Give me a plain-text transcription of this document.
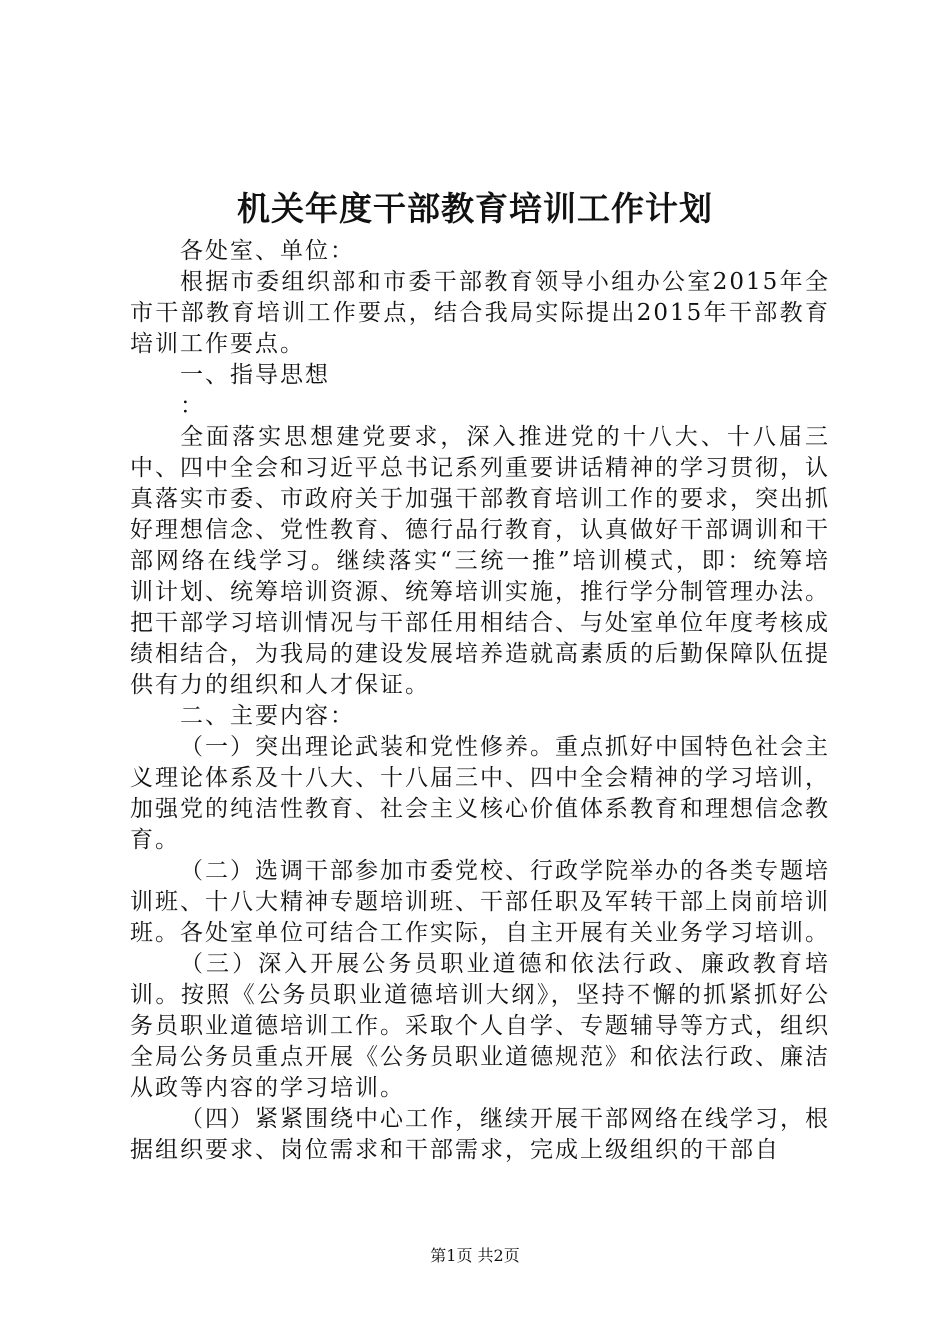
机关年度干部教育培训工作计划

各处室、单位：

根据市委组织部和市委干部教育领导小组办公室2015年全市干部教育培训工作要点，结合我局实际提出2015年干部教育培训工作要点。

一、指导思想

：

全面落实思想建党要求，深入推进党的十八大、十八届三中、四中全会和习近平总书记系列重要讲话精神的学习贯彻，认真落实市委、市政府关于加强干部教育培训工作的要求，突出抓好理想信念、党性教育、德行品行教育，认真做好干部调训和干部网络在线学习。继续落实“三统一推”培训模式，即：统筹培训计划、统筹培训资源、统筹培训实施，推行学分制管理办法。把干部学习培训情况与干部任用相结合、与处室单位年度考核成绩相结合，为我局的建设发展培养造就高素质的后勤保障队伍提供有力的组织和人才保证。

二、主要内容：

（一）突出理论武装和党性修养。重点抓好中国特色社会主义理论体系及十八大、十八届三中、四中全会精神的学习培训，加强党的纯洁性教育、社会主义核心价值体系教育和理想信念教育。

（二）选调干部参加市委党校、行政学院举办的各类专题培训班、十八大精神专题培训班、干部任职及军转干部上岗前培训班。各处室单位可结合工作实际，自主开展有关业务学习培训。

（三）深入开展公务员职业道德和依法行政、廉政教育培训。按照《公务员职业道德培训大纲》，坚持不懈的抓紧抓好公务员职业道德培训工作。采取个人自学、专题辅导等方式，组织全局公务员重点开展《公务员职业道德规范》和依法行政、廉洁从政等内容的学习培训。

（四）紧紧围绕中心工作，继续开展干部网络在线学习，根据组织要求、岗位需求和干部需求，完成上级组织的干部自

第1页 共2页
